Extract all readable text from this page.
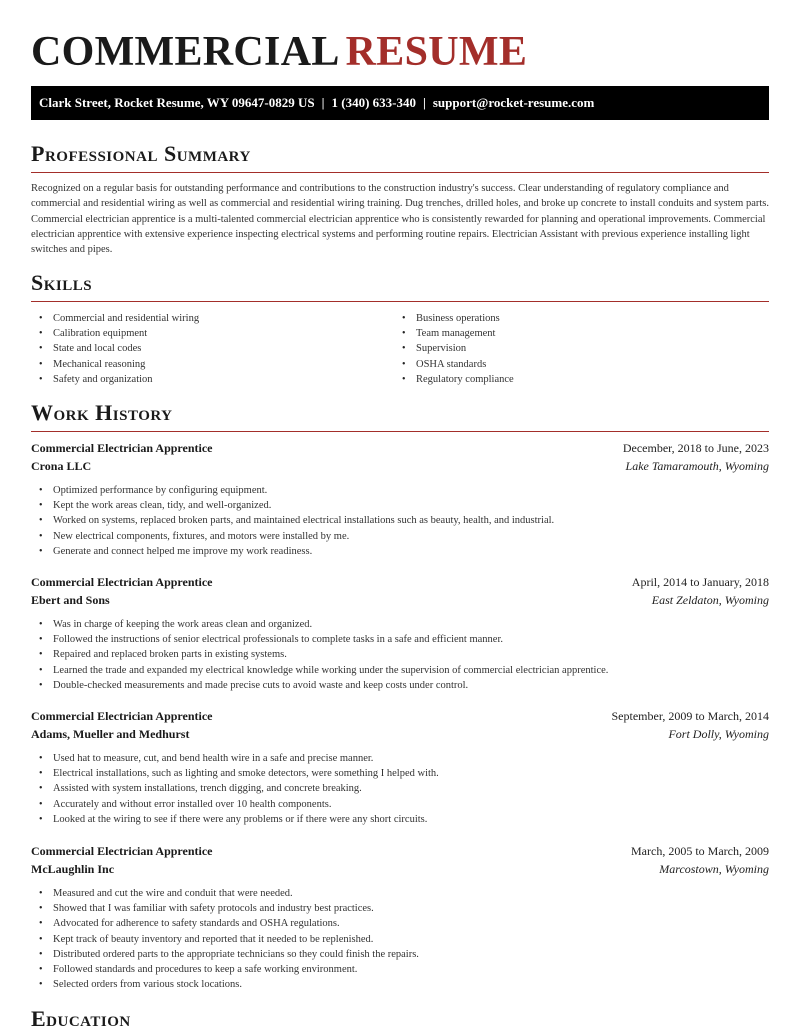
COMMERCIAL RESUME
Clark Street, Rocket Resume, WY 09647-0829 US | 1 (340) 633-340 | support@rocket-resume.com
Professional Summary

Recognized on a regular basis for outstanding performance and contributions to the construction industry's success. Clear understanding of regulatory compliance and commercial and residential wiring as well as commercial and residential wiring training. Dug trenches, drilled holes, and broke up concrete to install conduits and system parts. Commercial electrician apprentice is a multi-talented commercial electrician apprentice who is consistently rewarded for planning and operational improvements. Commercial electrician apprentice with extensive experience inspecting electrical systems and performing routine repairs. Electrician Assistant with previous experience installing light switches and pipes.

Skills
• Commercial and residential wiring
• Calibration equipment
• State and local codes
• Mechanical reasoning
• Safety and organization
• Business operations
• Team management
• Supervision
• OSHA standards
• Regulatory compliance
Work History
Commercial Electrician Apprentice	December, 2018 to June, 2023
Crona LLC	Lake Tamaramouth, Wyoming
• Optimized performance by configuring equipment.
• Kept the work areas clean, tidy, and well-organized.
• Worked on systems, replaced broken parts, and maintained electrical installations such as beauty, health, and industrial.
• New electrical components, fixtures, and motors were installed by me.
• Generate and connect helped me improve my work readiness.
Commercial Electrician Apprentice	April, 2014 to January, 2018
Ebert and Sons	East Zeldaton, Wyoming
• Was in charge of keeping the work areas clean and organized.
• Followed the instructions of senior electrical professionals to complete tasks in a safe and efficient manner.
• Repaired and replaced broken parts in existing systems.
• Learned the trade and expanded my electrical knowledge while working under the supervision of commercial electrician apprentice.
• Double-checked measurements and made precise cuts to avoid waste and keep costs under control.
Commercial Electrician Apprentice	September, 2009 to March, 2014
Adams, Mueller and Medhurst	Fort Dolly, Wyoming
• Used hat to measure, cut, and bend health wire in a safe and precise manner.
• Electrical installations, such as lighting and smoke detectors, were something I helped with.
• Assisted with system installations, trench digging, and concrete breaking.
• Accurately and without error installed over 10 health components.
• Looked at the wiring to see if there were any problems or if there were any short circuits.
Commercial Electrician Apprentice	March, 2005 to March, 2009
McLaughlin Inc	Marcostown, Wyoming
• Measured and cut the wire and conduit that were needed.
• Showed that I was familiar with safety protocols and industry best practices.
• Advocated for adherence to safety standards and OSHA regulations.
• Kept track of beauty inventory and reported that it needed to be replenished.
• Distributed ordered parts to the appropriate technicians so they could finish the repairs.
• Followed standards and procedures to keep a safe working environment.
• Selected orders from various stock locations.
Education
